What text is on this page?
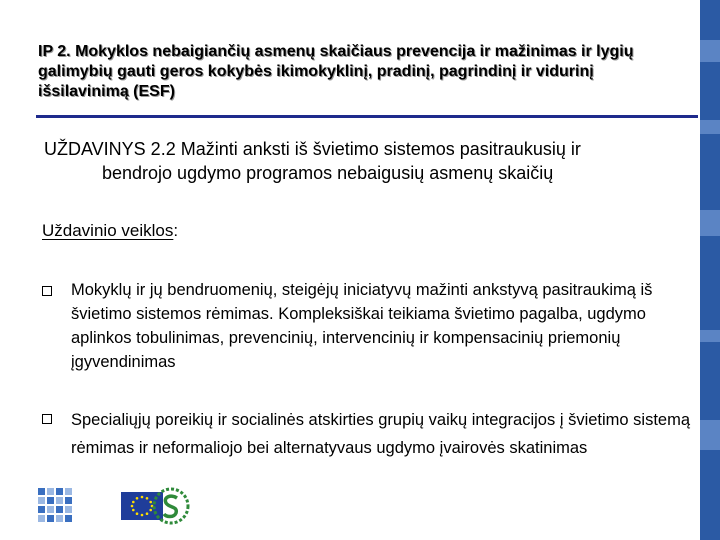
IP 2. Mokyklos nebaigiančių asmenų skaičiaus prevencija ir mažinimas ir lygių galimybių gauti geros kokybės ikimokyklinį, pradinį, pagrindinį ir vidurinį išsilavinimą (ESF)
UŽDAVINYS 2.2 Mažinti anksti iš švietimo sistemos pasitraukusių ir
bendrojo ugdymo programos nebaigusių asmenų skaičių
Uždavinio veiklos:
Mokyklų ir jų bendruomenių, steigėjų iniciatyvų mažinti ankstyvą pasitraukimą iš švietimo sistemos rėmimas. Kompleksiškai teikiama švietimo pagalba, ugdymo aplinkos tobulinimas, prevencinių, intervencinių ir kompensacinių priemonių įgyvendinimas
Specialiųjų poreikių ir socialinės atskirties grupių vaikų integracijos į švietimo sistemą rėmimas ir neformaliojo bei alternatyvaus ugdymo įvairovės skatinimas
